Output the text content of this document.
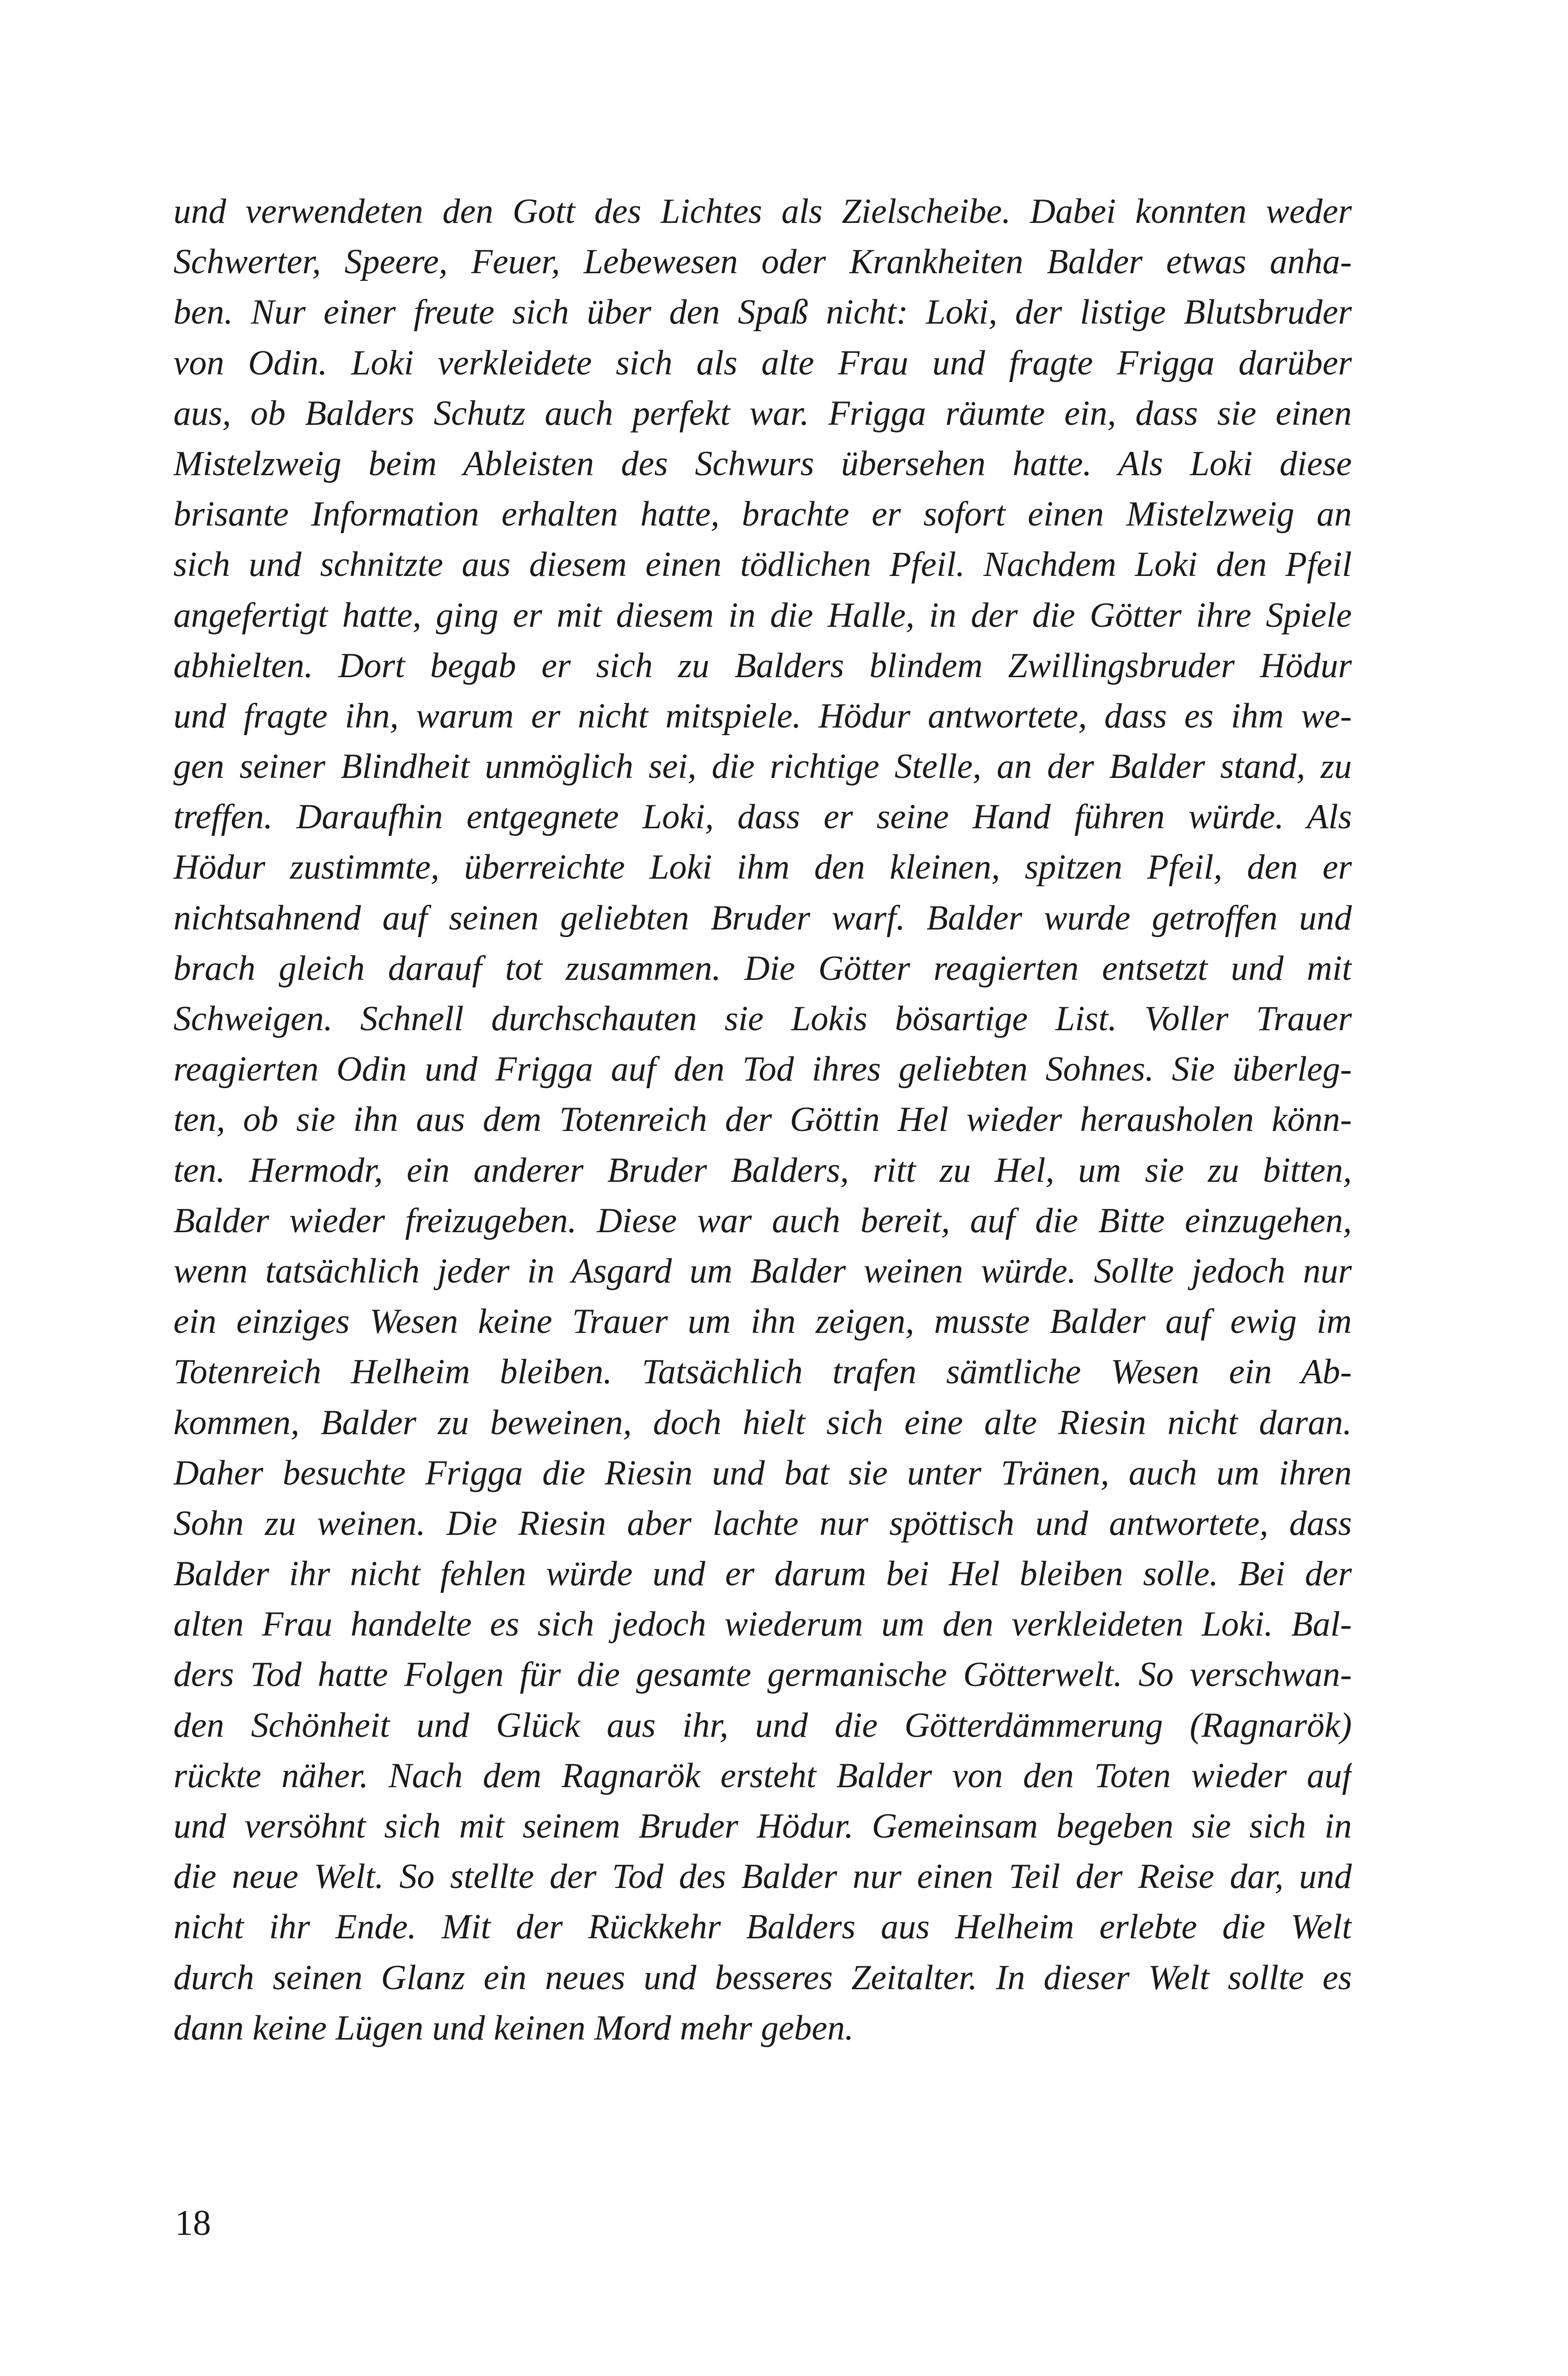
und verwendeten den Gott des Lichtes als Zielscheibe. Dabei konnten weder
Schwerter, Speere, Feuer, Lebewesen oder Krankheiten Balder etwas anha-
ben. Nur einer freute sich über den Spaß nicht: Loki, der listige Blutsbruder
von Odin. Loki verkleidete sich als alte Frau und fragte Frigga darüber
aus, ob Balders Schutz auch perfekt war. Frigga räumte ein, dass sie einen
Mistelzweig beim Ableisten des Schwurs übersehen hatte. Als Loki diese
brisante Information erhalten hatte, brachte er sofort einen Mistelzweig an
sich und schnitzte aus diesem einen tödlichen Pfeil. Nachdem Loki den Pfeil
angefertigt hatte, ging er mit diesem in die Halle, in der die Götter ihre Spiele
abhielten. Dort begab er sich zu Balders blindem Zwillingsbruder Hödur
und fragte ihn, warum er nicht mitspiele. Hödur antwortete, dass es ihm we-
gen seiner Blindheit unmöglich sei, die richtige Stelle, an der Balder stand, zu
treffen. Daraufhin entgegnete Loki, dass er seine Hand führen würde. Als
Hödur zustimmte, überreichte Loki ihm den kleinen, spitzen Pfeil, den er
nichtsahnend auf seinen geliebten Bruder warf. Balder wurde getroffen und
brach gleich darauf tot zusammen. Die Götter reagierten entsetzt und mit
Schweigen. Schnell durchschauten sie Lokis bösartige List. Voller Trauer
reagierten Odin und Frigga auf den Tod ihres geliebten Sohnes. Sie überleg-
ten, ob sie ihn aus dem Totenreich der Göttin Hel wieder herausholen könn-
ten. Hermodr, ein anderer Bruder Balders, ritt zu Hel, um sie zu bitten,
Balder wieder freizugeben. Diese war auch bereit, auf die Bitte einzugehen,
wenn tatsächlich jeder in Asgard um Balder weinen würde. Sollte jedoch nur
ein einziges Wesen keine Trauer um ihn zeigen, musste Balder auf ewig im
Totenreich Helheim bleiben. Tatsächlich trafen sämtliche Wesen ein Ab-
kommen, Balder zu beweinen, doch hielt sich eine alte Riesin nicht daran.
Daher besuchte Frigga die Riesin und bat sie unter Tränen, auch um ihren
Sohn zu weinen. Die Riesin aber lachte nur spöttisch und antwortete, dass
Balder ihr nicht fehlen würde und er darum bei Hel bleiben solle. Bei der
alten Frau handelte es sich jedoch wiederum um den verkleideten Loki. Bal-
ders Tod hatte Folgen für die gesamte germanische Götterwelt. So verschwan-
den Schönheit und Glück aus ihr, und die Götterdämmerung (Ragnarök)
rückte näher. Nach dem Ragnarök ersteht Balder von den Toten wieder auf
und versöhnt sich mit seinem Bruder Hödur. Gemeinsam begeben sie sich in
die neue Welt. So stellte der Tod des Balder nur einen Teil der Reise dar, und
nicht ihr Ende. Mit der Rückkehr Balders aus Helheim erlebte die Welt
durch seinen Glanz ein neues und besseres Zeitalter. In dieser Welt sollte es
dann keine Lügen und keinen Mord mehr geben.

18
